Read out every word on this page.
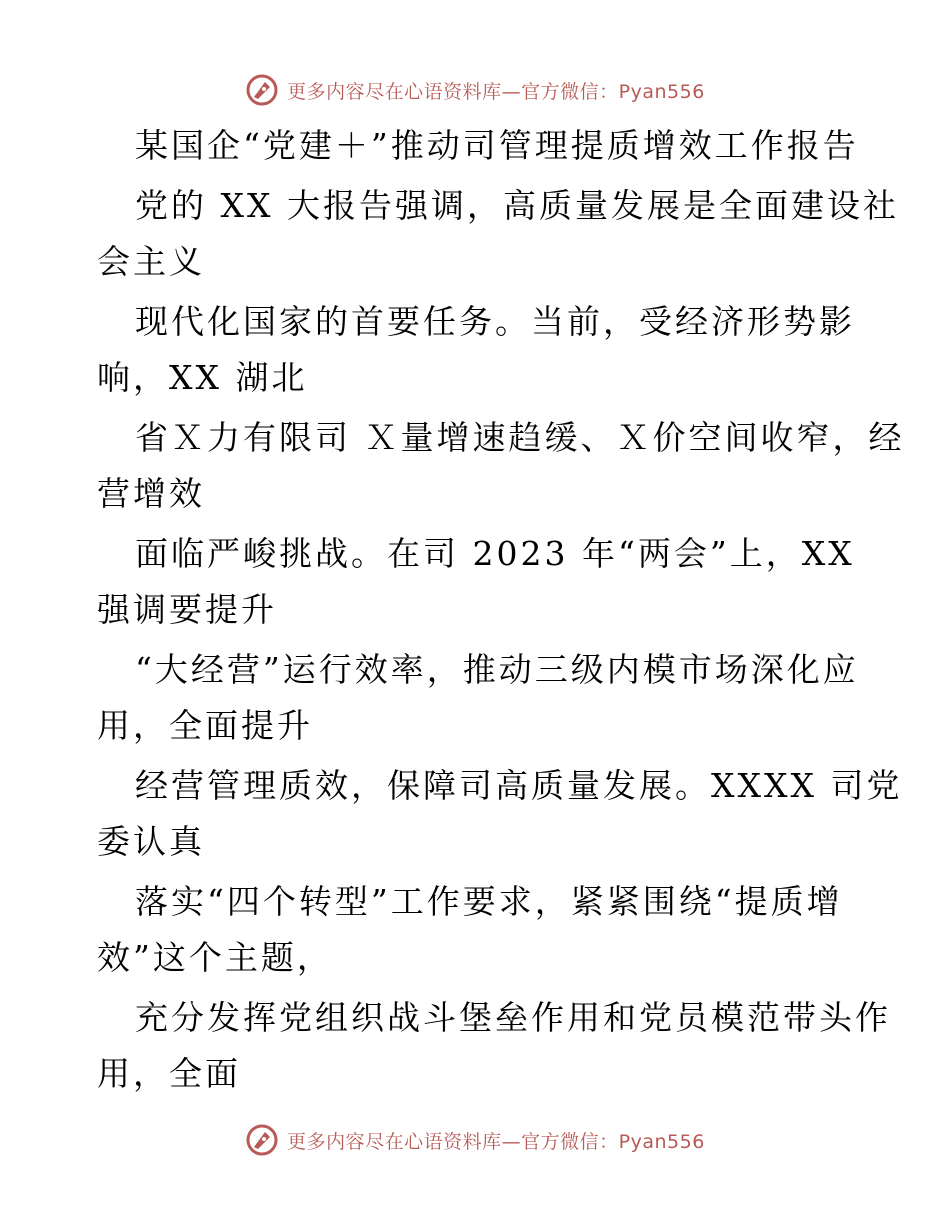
更多内容尽在心语资料库—官方微信：Pyan556
某国企“党建＋”推动司管理提质增效工作报告
党的 XX 大报告强调，高质量发展是全面建设社
会主义
现代化国家的首要任务。当前，受经济形势影
响，XX 湖北
省Ｘ力有限司 Ｘ量增速趋缓、Ｘ价空间收窄，经
营增效
面临严峻挑战。在司 2023 年“两会”上，XX
强调要提升
“大经营”运行效率，推动三级内模市场深化应
用，全面提升
经营管理质效，保障司高质量发展。XXXX 司党
委认真
落实“四个转型”工作要求，紧紧围绕“提质增
效”这个主题，
充分发挥党组织战斗堡垒作用和党员模范带头作
用，全面
更多内容尽在心语资料库—官方微信：Pyan556
